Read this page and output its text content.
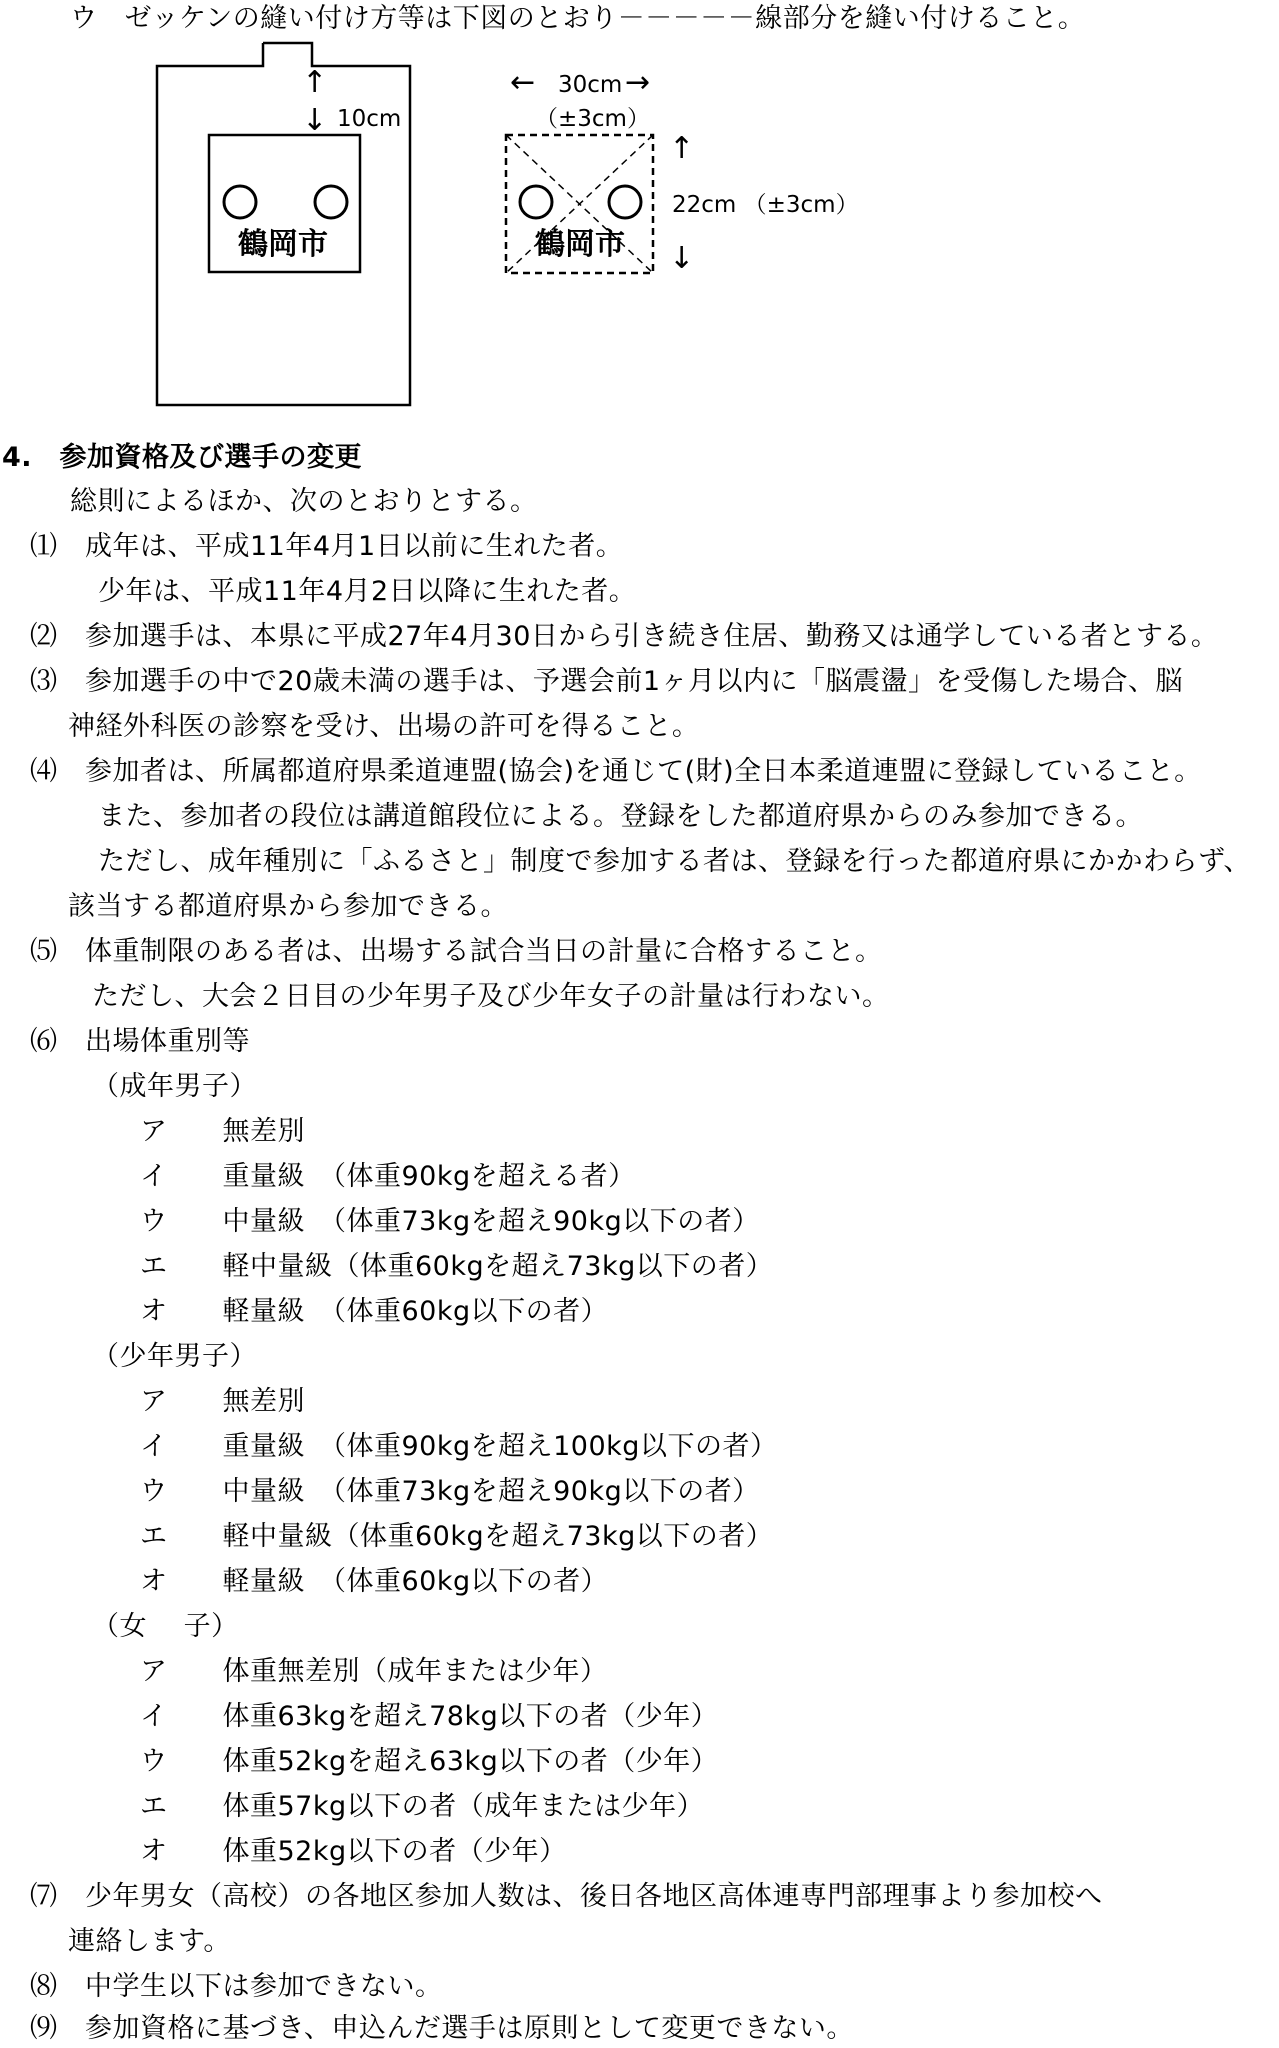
ウ ゼッケンの縫い付け方等は下図のとおり－－－－－線部分を縫い付けること。
鶴岡市
↑
↓ 10cm
← 30cm →
（±3cm）
鶴岡市
↑
22cm （±3cm）
↓
4.　参加資格及び選手の変更
総則によるほか、次のとおりとする。
⑴　成年は、平成11年4月1日以前に生れた者。
少年は、平成11年4月2日以降に生れた者。
⑵　参加選手は、本県に平成27年4月30日から引き続き住居、勤務又は通学している者とする。
⑶　参加選手の中で20歳未満の選手は、予選会前1ヶ月以内に「脳震盪」を受傷した場合、脳
神経外科医の診察を受け、出場の許可を得ること。
⑷　参加者は、所属都道府県柔道連盟(協会)を通じて(財)全日本柔道連盟に登録していること。
また、参加者の段位は講道館段位による。登録をした都道府県からのみ参加できる。
ただし、成年種別に「ふるさと」制度で参加する者は、登録を行った都道府県にかかわらず、
該当する都道府県から参加できる。
⑸　体重制限のある者は、出場する試合当日の計量に合格すること。
ただし、大会２日目の少年男子及び少年女子の計量は行わない。
⑹　出場体重別等
（成年男子）
ア　　無差別
イ　　重量級　（体重90kgを超える者）
ウ　　中量級　（体重73kgを超え90kg以下の者）
エ　　軽中量級（体重60kgを超え73kg以下の者）
オ　　軽量級　（体重60kg以下の者）
（少年男子）
ア　　無差別
イ　　重量級　（体重90kgを超え100kg以下の者）
ウ　　中量級　（体重73kgを超え90kg以下の者）
エ　　軽中量級（体重60kgを超え73kg以下の者）
オ　　軽量級　（体重60kg以下の者）
（女　 子）
ア　　体重無差別（成年または少年）
イ　　体重63kgを超え78kg以下の者（少年）
ウ　　体重52kgを超え63kg以下の者（少年）
エ　　体重57kg以下の者（成年または少年）
オ　　体重52kg以下の者（少年）
⑺　少年男女（高校）の各地区参加人数は、後日各地区高体連専門部理事より参加校へ
連絡します。
⑻　中学生以下は参加できない。
⑼　参加資格に基づき、申込んだ選手は原則として変更できない。
